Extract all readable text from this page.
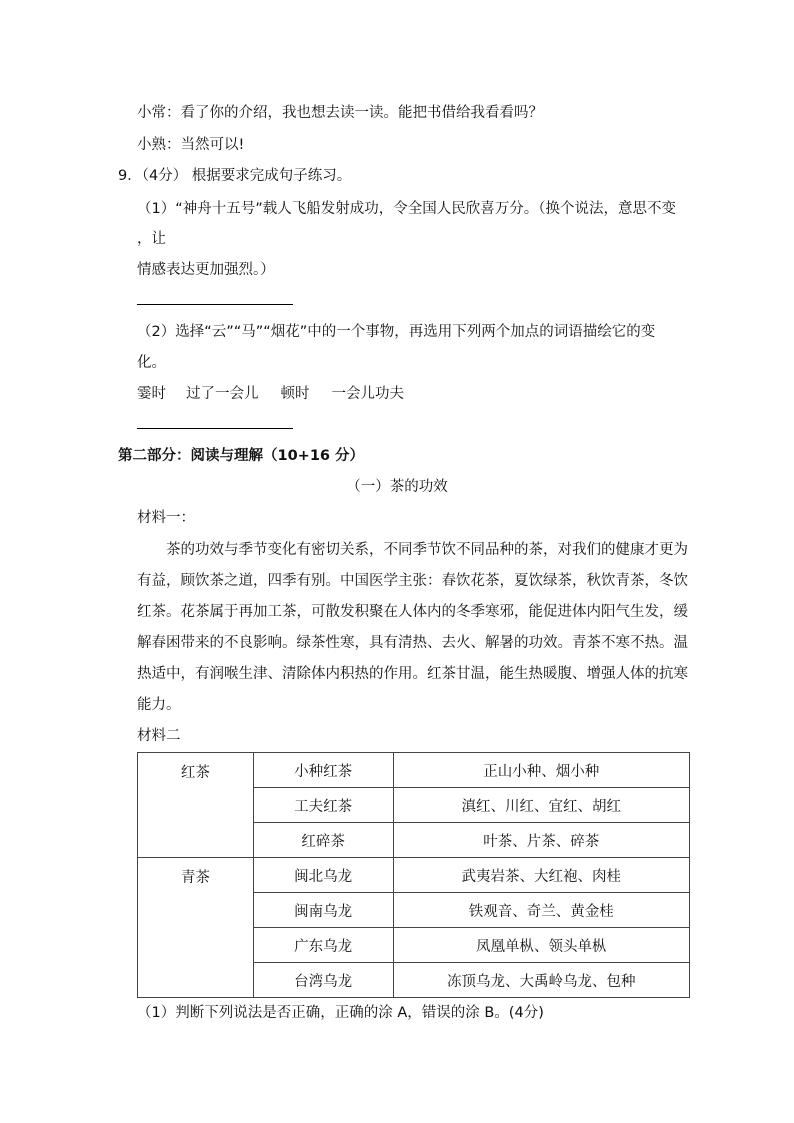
小常：看了你的介绍，我也想去读一读。能把书借给我看看吗？
小熟：当然可以!
9．（4分） 根据要求完成句子练习。
（1）“神舟十五号”载人飞船发射成功，令全国人民欣喜万分。（换个说法，意思不变
，让
情感表达更加强烈。）
（2）选择“云”“马”“烟花”中的一个事物，再选用下列两个加点的词语描绘它的变
化。
霎时 过了一会儿 顿时 一会儿功夫
第二部分：阅读与理解（10+16 分）
（一）茶的功效
材料一：
茶的功效与季节变化有密切关系，不同季节饮不同品种的茶，对我们的健康才更为
有益，顾饮茶之道，四季有别。中国医学主张：春饮花茶，夏饮绿茶，秋饮青茶，冬饮
红茶。花茶属于再加工茶，可散发积聚在人体内的冬季寒邪，能促进体内阳气生发，缓
解春困带来的不良影响。绿茶性寒，具有清热、去火、解暑的功效。青茶不寒不热。温
热适中，有润喉生津、清除体内积热的作用。红茶甘温，能生热暖腹、增强人体的抗寒
能力。
材料二
红茶	小种红茶	正山小种、烟小种
	工夫红茶	滇红、川红、宜红、胡红
	红碎茶	叶茶、片茶、碎茶
青茶	闽北乌龙	武夷岩茶、大红袍、肉桂
	闽南乌龙	铁观音、奇兰、黄金桂
	广东乌龙	凤凰单枞、领头单枞
	台湾乌龙	冻顶乌龙、大禹岭乌龙、包种
（1）判断下列说法是否正确，正确的涂 A，错误的涂 B。(4分)
